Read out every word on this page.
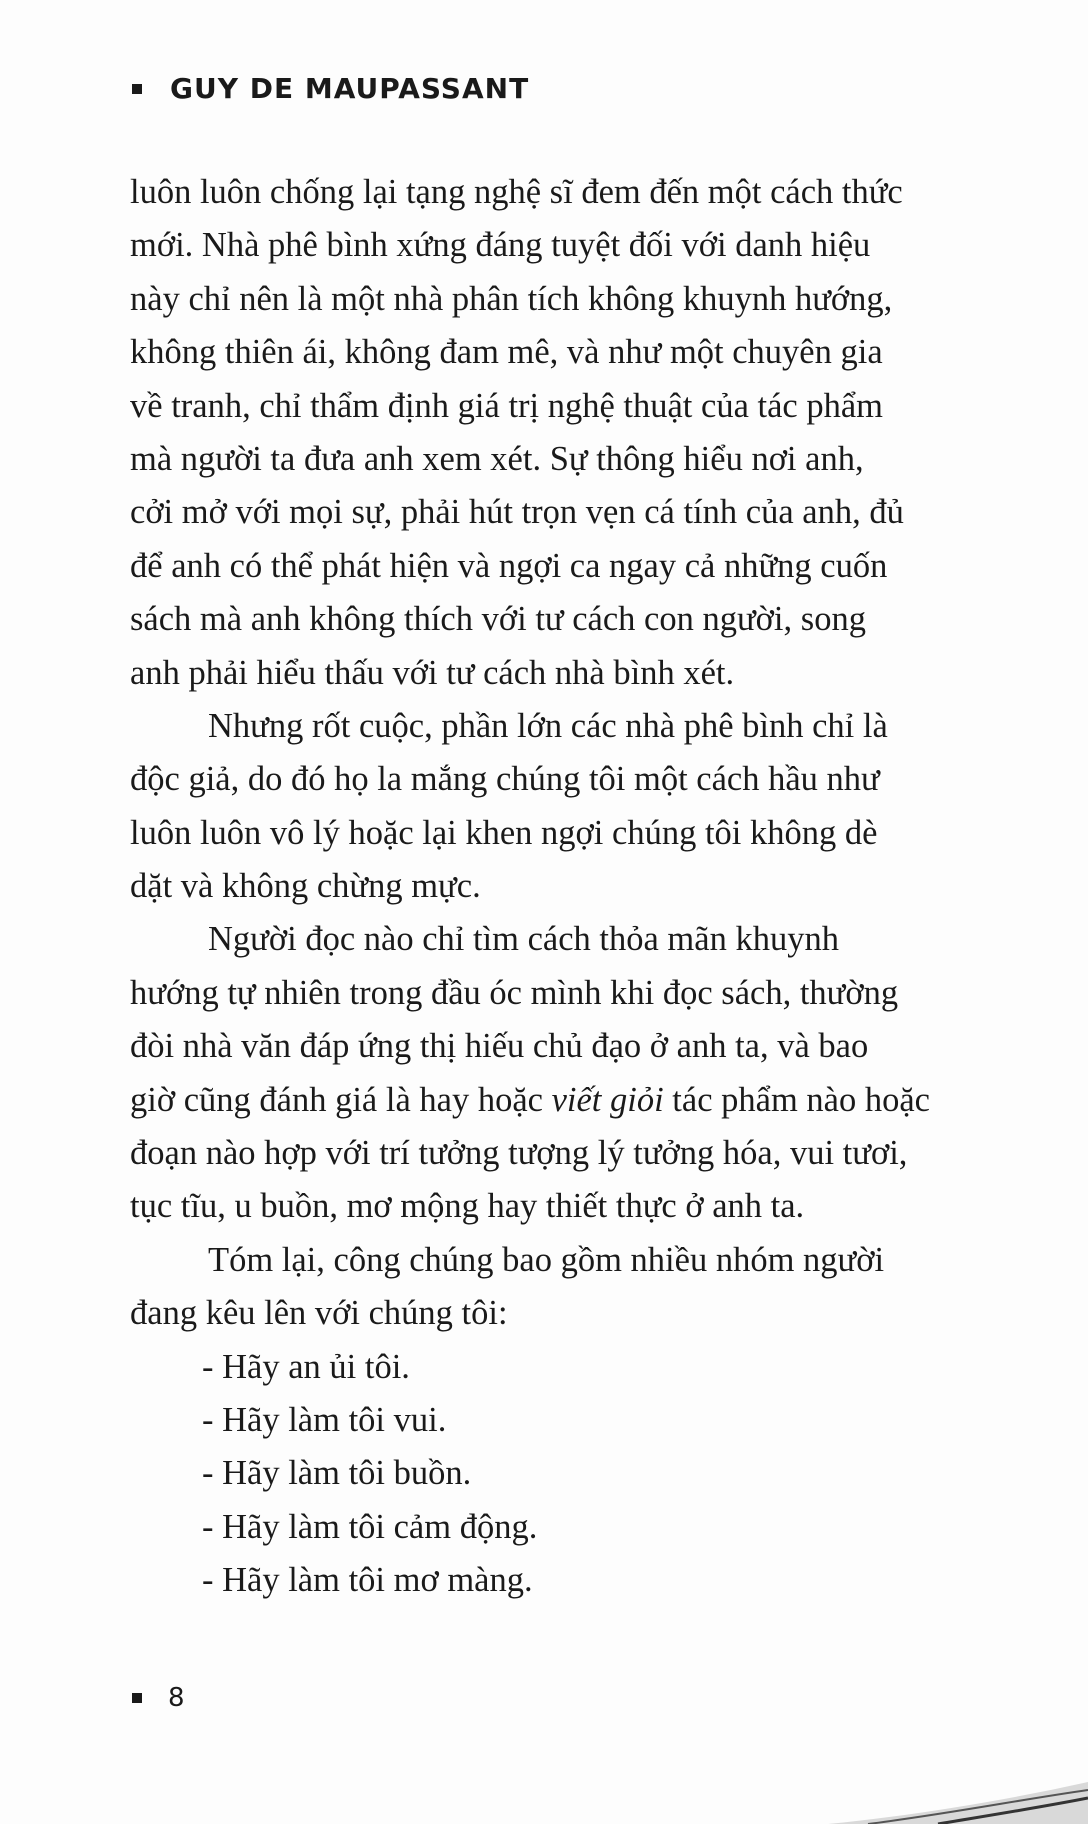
GUY DE MAUPASSANT
luôn luôn chống lại tạng nghệ sĩ đem đến một cách thức
mới. Nhà phê bình xứng đáng tuyệt đối với danh hiệu
này chỉ nên là một nhà phân tích không khuynh hướng,
không thiên ái, không đam mê, và như một chuyên gia
về tranh, chỉ thẩm định giá trị nghệ thuật của tác phẩm
mà người ta đưa anh xem xét. Sự thông hiểu nơi anh,
cởi mở với mọi sự, phải hút trọn vẹn cá tính của anh, đủ
để anh có thể phát hiện và ngợi ca ngay cả những cuốn
sách mà anh không thích với tư cách con người, song
anh phải hiểu thấu với tư cách nhà bình xét.
Nhưng rốt cuộc, phần lớn các nhà phê bình chỉ là
độc giả, do đó họ la mắng chúng tôi một cách hầu như
luôn luôn vô lý hoặc lại khen ngợi chúng tôi không dè
dặt và không chừng mực.
Người đọc nào chỉ tìm cách thỏa mãn khuynh
hướng tự nhiên trong đầu óc mình khi đọc sách, thường
đòi nhà văn đáp ứng thị hiếu chủ đạo ở anh ta, và bao
giờ cũng đánh giá là hay hoặc viết giỏi tác phẩm nào hoặc
đoạn nào hợp với trí tưởng tượng lý tưởng hóa, vui tươi,
tục tĩu, u buồn, mơ mộng hay thiết thực ở anh ta.
Tóm lại, công chúng bao gồm nhiều nhóm người
đang kêu lên với chúng tôi:
- Hãy an ủi tôi.
- Hãy làm tôi vui.
- Hãy làm tôi buồn.
- Hãy làm tôi cảm động.
- Hãy làm tôi mơ màng.
8
